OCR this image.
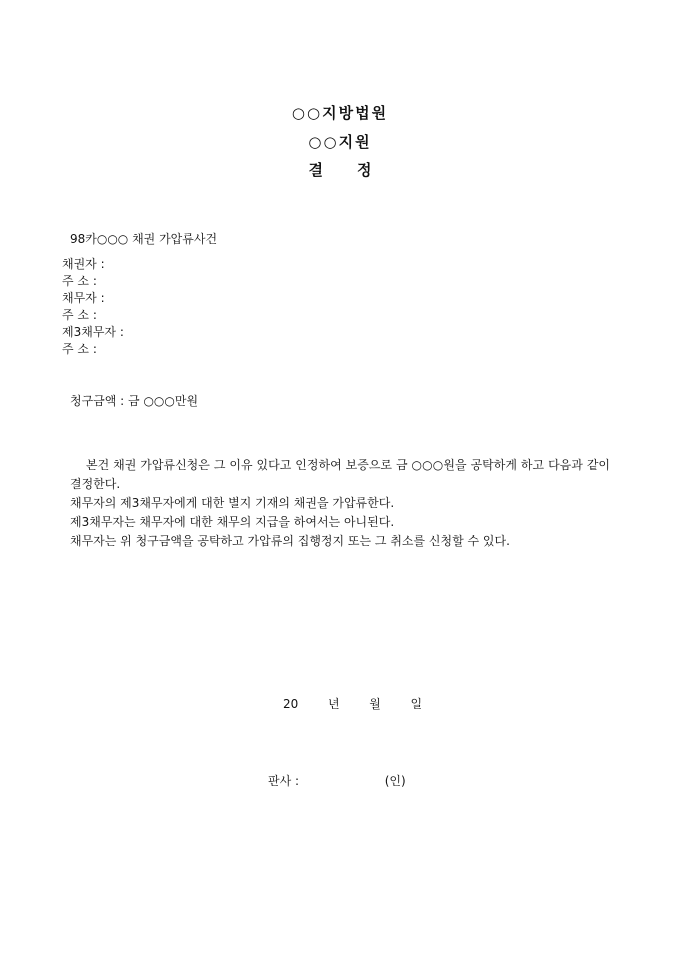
○○지방법원
○○지원
결 정
98카○○○ 채권 가압류사건
채권자 :
주 소 :
채무자 :
주 소 :
제3채무자 :
주 소 :
청구금액 : 금 ○○○만원

본건 채권 가압류신청은 그 이유 있다고 인정하여 보증으로 금 ○○○원을 공탁하게 하고 다음과 같이 결정한다.

채무자의 제3채무자에게 대한 별지 기재의 채권을 가압류한다.

제3채무자는 채무자에 대한 채무의 지급을 하여서는 아니된다.

채무자는 위 청구금액을 공탁하고 가압류의 집행정지 또는 그 취소를 신청할 수 있다.

20 년 월 일
판사 :	(인)
